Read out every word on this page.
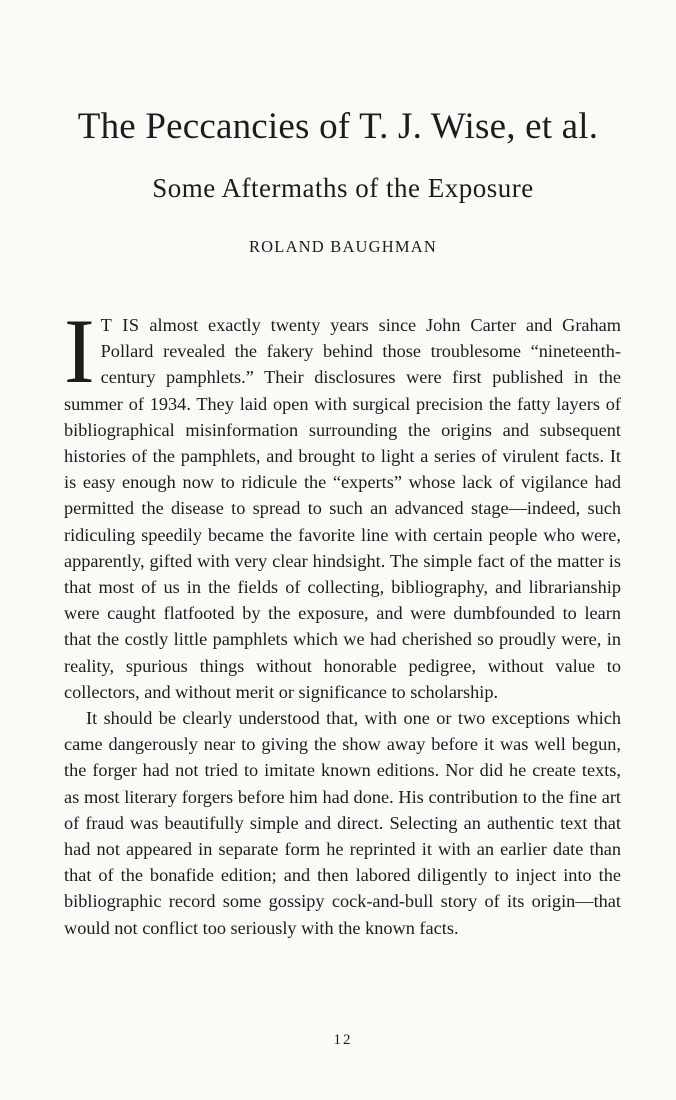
The Peccancies of T. J. Wise, et al.
Some Aftermaths of the Exposure
ROLAND BAUGHMAN

I T IS almost exactly twenty years since John Carter and Graham Pollard revealed the fakery behind those troublesome “nineteenth-century pamphlets.” Their disclosures were first published in the summer of 1934. They laid open with surgical precision the fatty layers of bibliographical misinformation surrounding the origins and subsequent histories of the pamphlets, and brought to light a series of virulent facts. It is easy enough now to ridicule the “experts” whose lack of vigilance had permitted the disease to spread to such an advanced stage—indeed, such ridiculing speedily became the favorite line with certain people who were, apparently, gifted with very clear hindsight. The simple fact of the matter is that most of us in the fields of collecting, bibliography, and librarianship were caught flatfooted by the exposure, and were dumbfounded to learn that the costly little pamphlets which we had cherished so proudly were, in reality, spurious things without honorable pedigree, without value to collectors, and without merit or significance to scholarship.

It should be clearly understood that, with one or two exceptions which came dangerously near to giving the show away before it was well begun, the forger had not tried to imitate known editions. Nor did he create texts, as most literary forgers before him had done. His contribution to the fine art of fraud was beautifully simple and direct. Selecting an authentic text that had not appeared in separate form he reprinted it with an earlier date than that of the bonafide edition; and then labored diligently to inject into the bibliographic record some gossipy cock-and-bull story of its origin—that would not conflict too seriously with the known facts.

12
